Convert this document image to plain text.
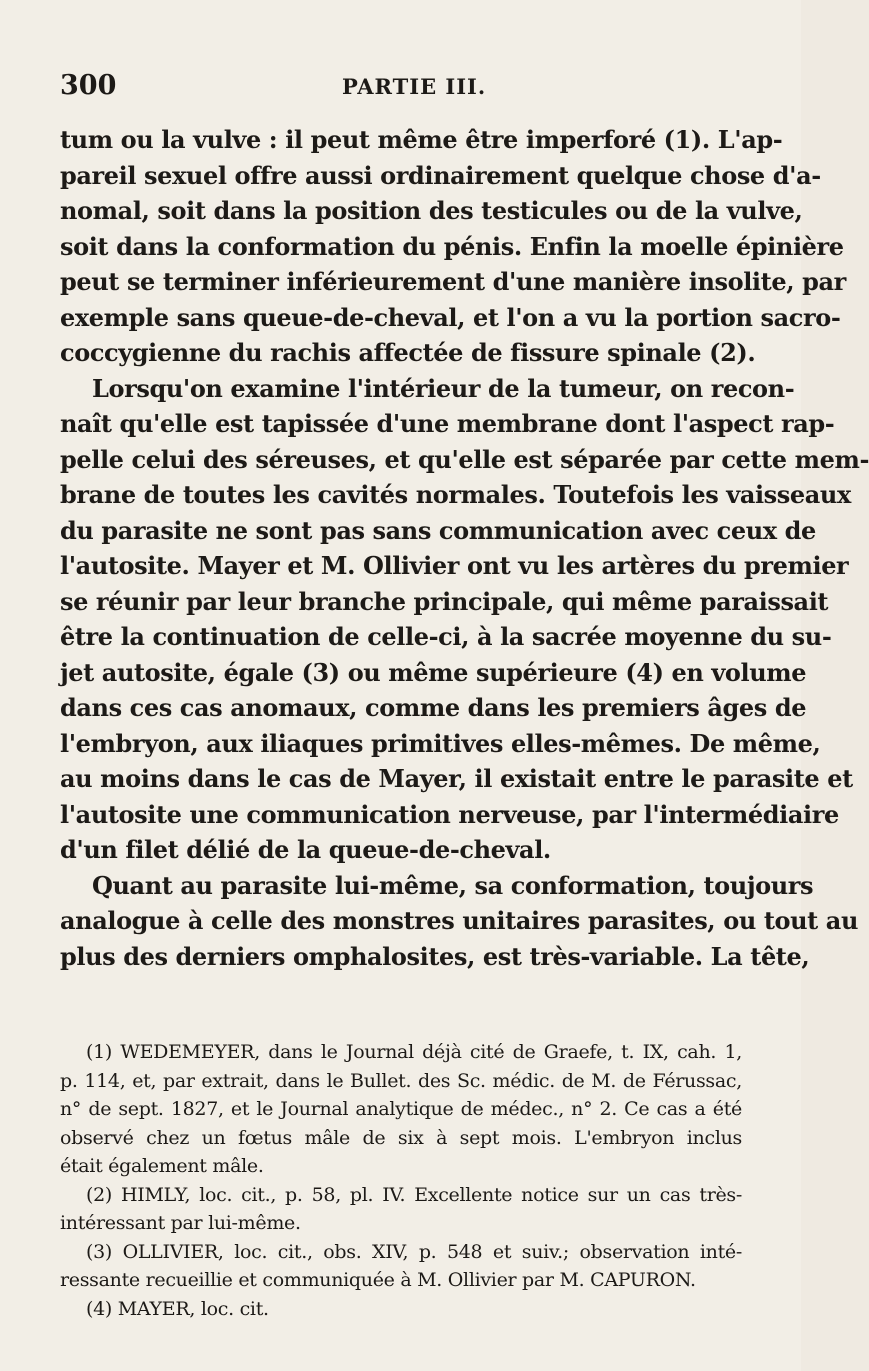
300	PARTIE III.
tum ou la vulve : il peut même être imperforé (1). L'ap-
pareil sexuel offre aussi ordinairement quelque chose d'a-
nomal, soit dans la position des testicules ou de la vulve,
soit dans la conformation du pénis. Enfin la moelle épinière
peut se terminer inférieurement d'une manière insolite, par
exemple sans queue-de-cheval, et l'on a vu la portion sacro-
coccygienne du rachis affectée de fissure spinale (2).
Lorsqu'on examine l'intérieur de la tumeur, on recon-
naît qu'elle est tapissée d'une membrane dont l'aspect rap-
pelle celui des séreuses, et qu'elle est séparée par cette mem-
brane de toutes les cavités normales. Toutefois les vaisseaux
du parasite ne sont pas sans communication avec ceux de
l'autosite. Mayer et M. Ollivier ont vu les artères du premier
se réunir par leur branche principale, qui même paraissait
être la continuation de celle-ci, à la sacrée moyenne du su-
jet autosite, égale (3) ou même supérieure (4) en volume
dans ces cas anomaux, comme dans les premiers âges de
l'embryon, aux iliaques primitives elles-mêmes. De même,
au moins dans le cas de Mayer, il existait entre le parasite et
l'autosite une communication nerveuse, par l'intermédiaire
d'un filet délié de la queue-de-cheval.
Quant au parasite lui-même, sa conformation, toujours
analogue à celle des monstres unitaires parasites, ou tout au
plus des derniers omphalosites, est très-variable. La tête,
(1) WEDEMEYER, dans le Journal déjà cité de Graefe, t. IX, cah. 1,
p. 114, et, par extrait, dans le Bullet. des Sc. médic. de M. de Férussac,
n° de sept. 1827, et le Journal analytique de médec., n° 2. Ce cas a été
observé chez un fœtus mâle de six à sept mois. L'embryon inclus
était également mâle.
(2) HIMLY, loc. cit., p. 58, pl. IV. Excellente notice sur un cas très-
intéressant par lui-même.
(3) OLLIVIER, loc. cit., obs. XIV, p. 548 et suiv.; observation inté-
ressante recueillie et communiquée à M. Ollivier par M. CAPURON.
(4) MAYER, loc. cit.
